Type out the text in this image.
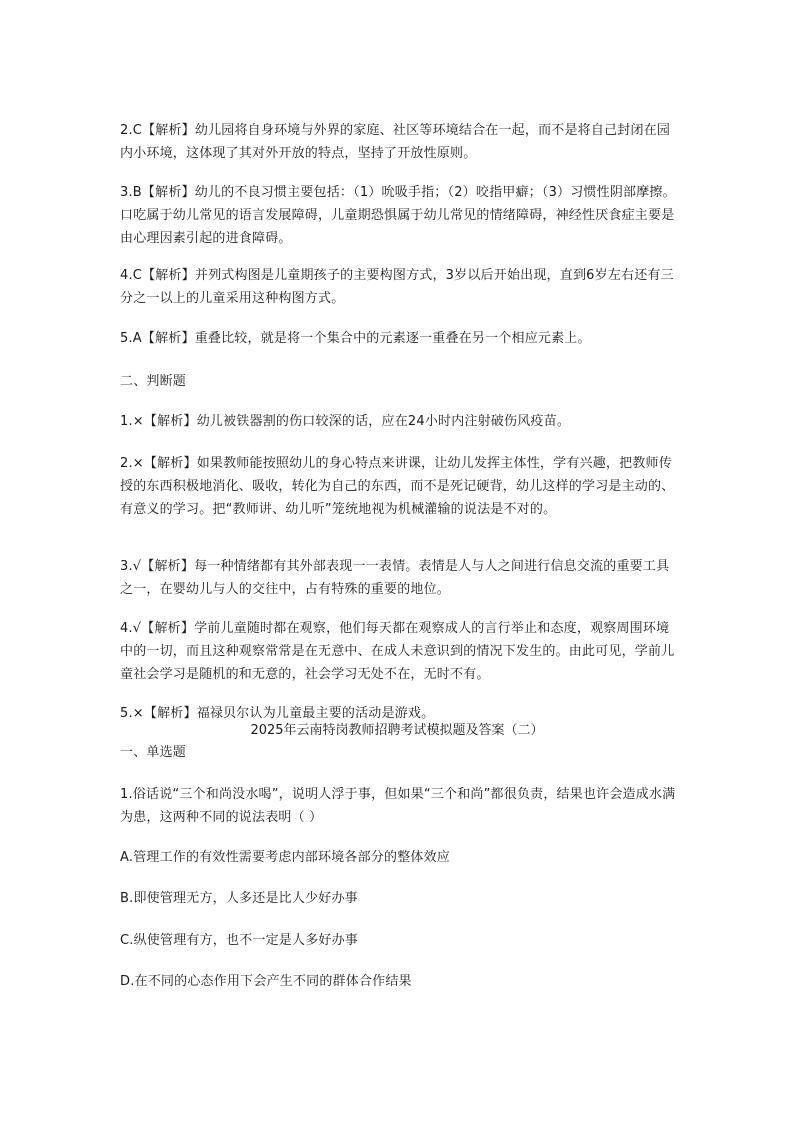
2.C【解析】幼儿园将自身环境与外界的家庭、社区等环境结合在一起，而不是将自己封闭在园内小环境，这体现了其对外开放的特点，坚持了开放性原则。
3.B【解析】幼儿的不良习惯主要包括：（1）吮吸手指；（2）咬指甲癖；（3）习惯性阴部摩擦。口吃属于幼儿常见的语言发展障碍，儿童期恐惧属于幼儿常见的情绪障碍，神经性厌食症主要是由心理因素引起的进食障碍。
4.C【解析】并列式构图是儿童期孩子的主要构图方式，3岁以后开始出现，直到6岁左右还有三分之一以上的儿童采用这种构图方式。
5.A【解析】重叠比较，就是将一个集合中的元素逐一重叠在另一个相应元素上。
二、判断题
1.×【解析】幼儿被铁器割的伤口较深的话，应在24小时内注射破伤风疫苗。
2.×【解析】如果教师能按照幼儿的身心特点来讲课，让幼儿发挥主体性，学有兴趣，把教师传授的东西积极地消化、吸收，转化为自己的东西，而不是死记硬背，幼儿这样的学习是主动的、有意义的学习。把“教师讲、幼儿听”笼统地视为机械灌输的说法是不对的。
3.√【解析】每一种情绪都有其外部表现一一表情。表情是人与人之间进行信息交流的重要工具之一，在婴幼儿与人的交往中，占有特殊的重要的地位。
4.√【解析】学前儿童随时都在观察，他们每天都在观察成人的言行举止和态度，观察周围环境中的一切，而且这种观察常常是在无意中、在成人未意识到的情况下发生的。由此可见，学前儿童社会学习是随机的和无意的，社会学习无处不在，无时不有。
5.×【解析】福禄贝尔认为儿童最主要的活动是游戏。
2025年云南特岗教师招聘考试模拟题及答案（二）
一、单选题
1.俗话说“三个和尚没水喝”，说明人浮于事，但如果“三个和尚”都很负责，结果也许会造成水满为患，这两种不同的说法表明（ ）
A.管理工作的有效性需要考虑内部环境各部分的整体效应
B.即使管理无方，人多还是比人少好办事
C.纵使管理有方，也不一定是人多好办事
D.在不同的心态作用下会产生不同的群体合作结果
